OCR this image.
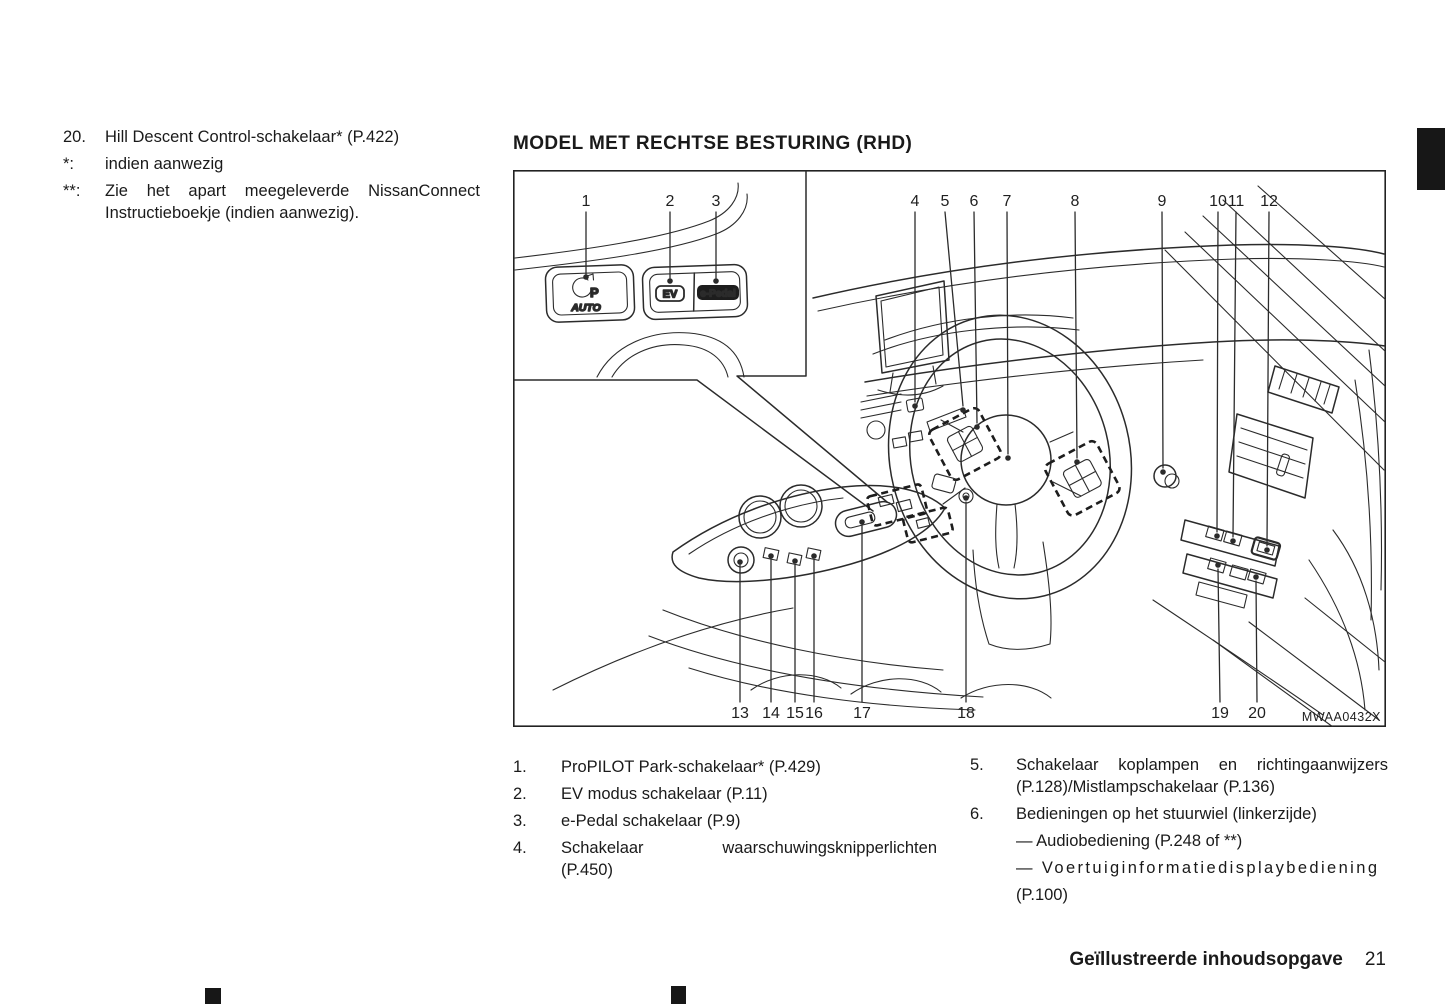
20.	Hill Descent Control-schakelaar* (P.422)
*:	indien aanwezig
**:	Zie het apart meegeleverde NissanConnect
Instructieboekje (indien aanwezig).
MODEL MET RECHTSE BESTURING (RHD)
P
AUTO
EV e-Pedal
1	2 3	4 5 6 7	8	9	10 11 12
13 14 15 16 17	18	19 20	MWAA0432X
1.	ProPILOT Park-schakelaar* (P.429)
2.	EV modus schakelaar (P.11)
3.	e-Pedal schakelaar (P.9)
4.	Schakelaar waarschuwingsknipperlichten
(P.450)
5.	Schakelaar koplampen en richtingaanwijzers
(P.128)/Mistlampschakelaar (P.136)
6.	Bedieningen op het stuurwiel (linkerzijde)
— Audiobediening (P.248 of **)
— Voertuiginformatiedisplaybediening
(P.100)
Geïllustreerde inhoudsopgave 21
